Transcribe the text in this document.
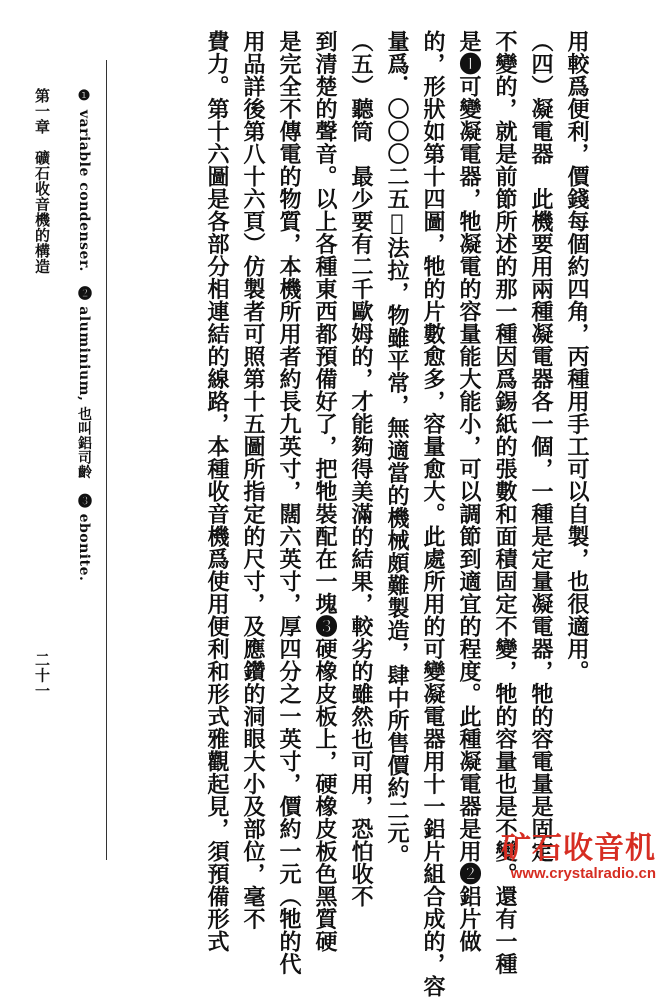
用較爲便利，價錢每個約四角，丙種用手工可以自製，也很適用。
（四）凝電器　此機要用兩種凝電器各一個，一種是定量凝電器，牠的容電量是固定
不變的，就是前節所述的那一種因爲錫紙的張數和面積固定不變，牠的容量也是不變。還有一種
是❶可變凝電器，牠凝電的容量能大能小，可以調節到適宜的程度。此種凝電器是用❷鋁片做
的，形狀如第十四圖，牠的片數愈多，容量愈大。此處所用的可變凝電器用十一鋁片組合成的，容
量爲．〇〇〇二五𢛱法拉，物雖平常，無適當的機械頗難製造，肆中所售價約二元。
（五）聽筒　最少要有二千歐姆的，才能夠得美滿的結果，較劣的雖然也可用，恐怕收不
到清楚的聲音。以上各種東西都預備好了，把牠裝配在一塊❸硬橡皮板上，硬橡皮板色黑質硬
是完全不傳電的物質，本機所用者約長九英寸，闊六英寸，厚四分之一英寸，價約一元（牠的代
用品詳後第八十六頁）仿製者可照第十五圖所指定的尺寸，及應鑽的洞眼大小及部位，毫不
費力。第十六圖是各部分相連結的線路，本種收音機爲使用便利和形式雅觀起見，須預備形式
❶ variable condenser.　❷ aluminium, 也叫鋁司齡　❸ ebonite.
第一章　礦石收音機的構造
二十一
矿石收音机
www.crystalradio.cn
